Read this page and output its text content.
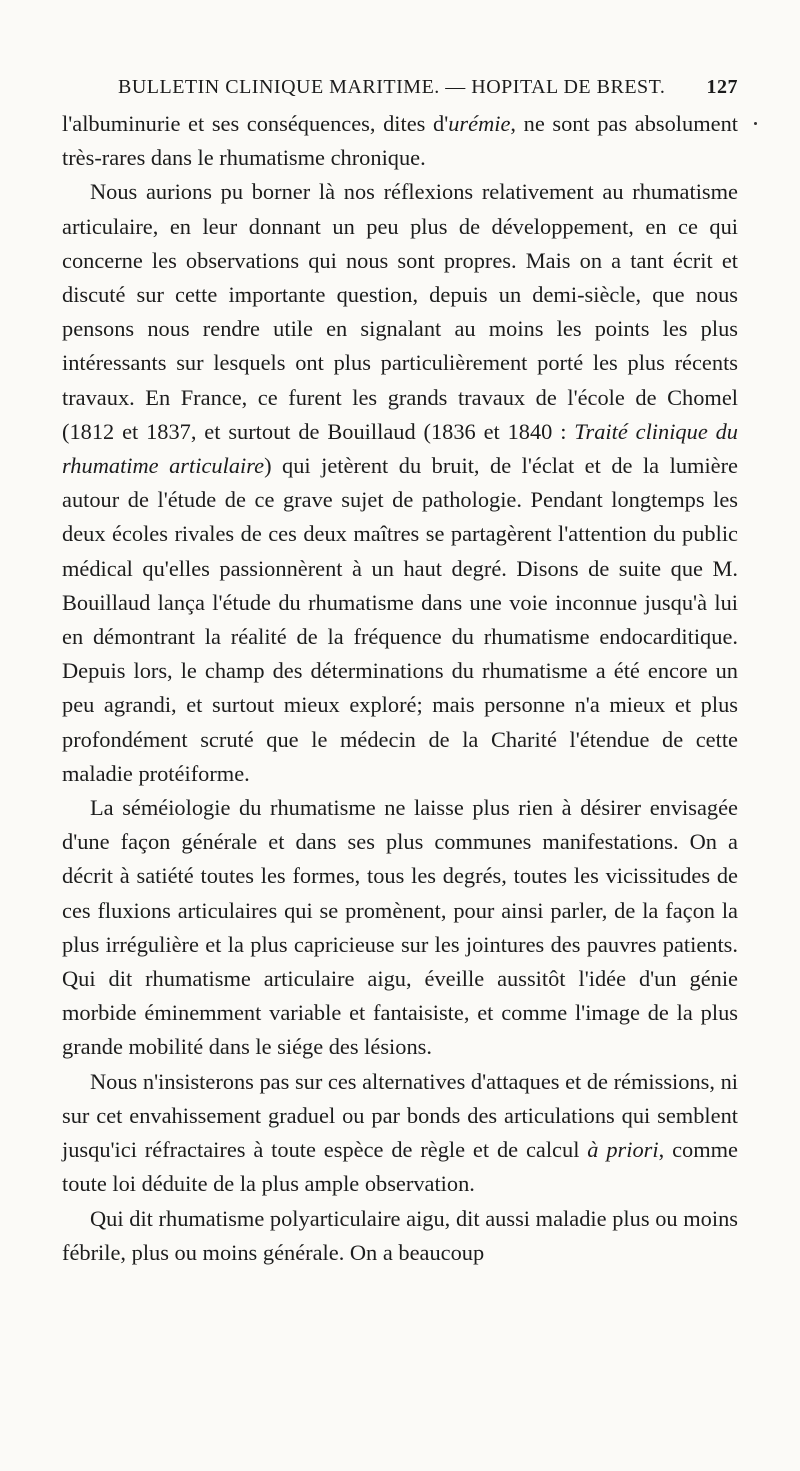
BULLETIN CLINIQUE MARITIME. — HOPITAL DE BREST. 127

l'albuminurie et ses conséquences, dites d'urémie, ne sont pas absolument très-rares dans le rhumatisme chronique.

Nous aurions pu borner là nos réflexions relativement au rhumatisme articulaire, en leur donnant un peu plus de développement, en ce qui concerne les observations qui nous sont propres. Mais on a tant écrit et discuté sur cette importante question, depuis un demi-siècle, que nous pensons nous rendre utile en signalant au moins les points les plus intéressants sur lesquels ont plus particulièrement porté les plus récents travaux. En France, ce furent les grands travaux de l'école de Chomel (1812 et 1837, et surtout de Bouillaud (1836 et 1840 : Traité clinique du rhumatime articulaire) qui jetèrent du bruit, de l'éclat et de la lumière autour de l'étude de ce grave sujet de pathologie. Pendant longtemps les deux écoles rivales de ces deux maîtres se partagèrent l'attention du public médical qu'elles passionnèrent à un haut degré. Disons de suite que M. Bouillaud lança l'étude du rhumatisme dans une voie inconnue jusqu'à lui en démontrant la réalité de la fréquence du rhumatisme endocarditique. Depuis lors, le champ des déterminations du rhumatisme a été encore un peu agrandi, et surtout mieux exploré; mais personne n'a mieux et plus profondément scruté que le médecin de la Charité l'étendue de cette maladie protéiforme.

La séméiologie du rhumatisme ne laisse plus rien à désirer envisagée d'une façon générale et dans ses plus communes manifestations. On a décrit à satiété toutes les formes, tous les degrés, toutes les vicissitudes de ces fluxions articulaires qui se promènent, pour ainsi parler, de la façon la plus irrégulière et la plus capricieuse sur les jointures des pauvres patients. Qui dit rhumatisme articulaire aigu, éveille aussitôt l'idée d'un génie morbide éminemment variable et fantaisiste, et comme l'image de la plus grande mobilité dans le siége des lésions.

Nous n'insisterons pas sur ces alternatives d'attaques et de rémissions, ni sur cet envahissement graduel ou par bonds des articulations qui semblent jusqu'ici réfractaires à toute espèce de règle et de calcul à priori, comme toute loi déduite de la plus ample observation.

Qui dit rhumatisme polyarticulaire aigu, dit aussi maladie plus ou moins fébrile, plus ou moins générale. On a beaucoup
